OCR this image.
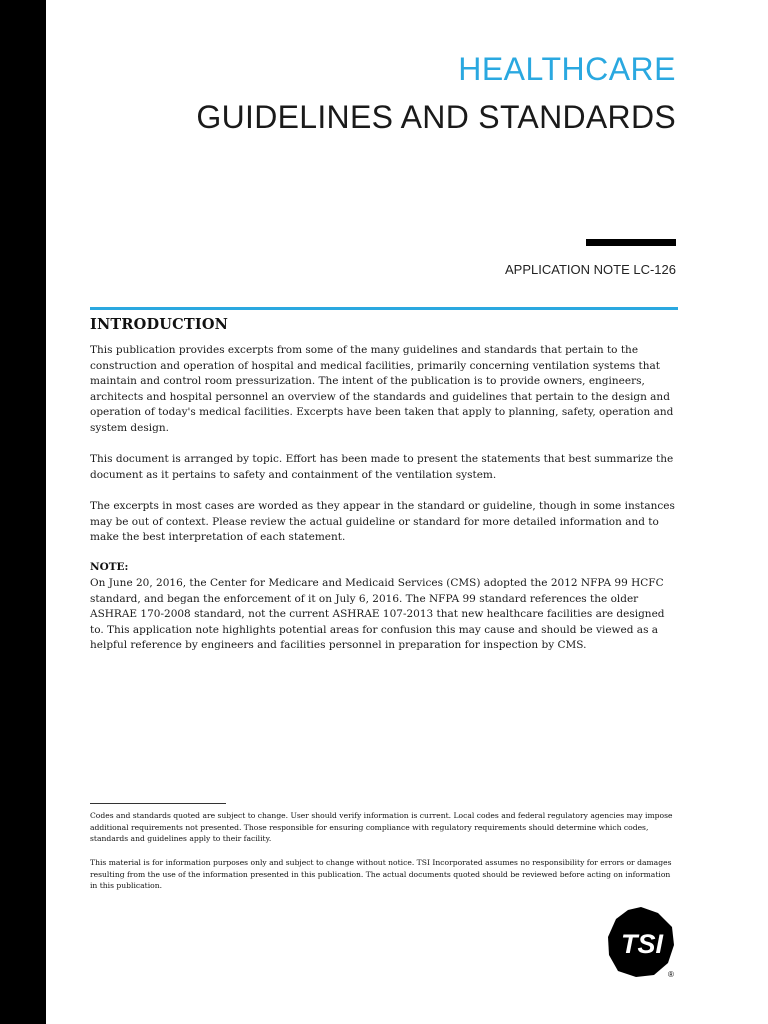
HEALTHCARE
GUIDELINES AND STANDARDS
APPLICATION NOTE LC-126
INTRODUCTION
This publication provides excerpts from some of the many guidelines and standards that pertain to the construction and operation of hospital and medical facilities, primarily concerning ventilation systems that maintain and control room pressurization. The intent of the publication is to provide owners, engineers, architects and hospital personnel an overview of the standards and guidelines that pertain to the design and operation of today's medical facilities. Excerpts have been taken that apply to planning, safety, operation and system design.
This document is arranged by topic. Effort has been made to present the statements that best summarize the document as it pertains to safety and containment of the ventilation system.
The excerpts in most cases are worded as they appear in the standard or guideline, though in some instances may be out of context. Please review the actual guideline or standard for more detailed information and to make the best interpretation of each statement.
NOTE:
On June 20, 2016, the Center for Medicare and Medicaid Services (CMS) adopted the 2012 NFPA 99 HCFC standard, and began the enforcement of it on July 6, 2016. The NFPA 99 standard references the older ASHRAE 170-2008 standard, not the current ASHRAE 107-2013 that new healthcare facilities are designed to. This application note highlights potential areas for confusion this may cause and should be viewed as a helpful reference by engineers and facilities personnel in preparation for inspection by CMS.
Codes and standards quoted are subject to change. User should verify information is current. Local codes and federal regulatory agencies may impose additional requirements not presented. Those responsible for ensuring compliance with regulatory requirements should determine which codes, standards and guidelines apply to their facility.
This material is for information purposes only and subject to change without notice. TSI Incorporated assumes no responsibility for errors or damages resulting from the use of the information presented in this publication. The actual documents quoted should be reviewed before acting on information in this publication.
TSI
®
